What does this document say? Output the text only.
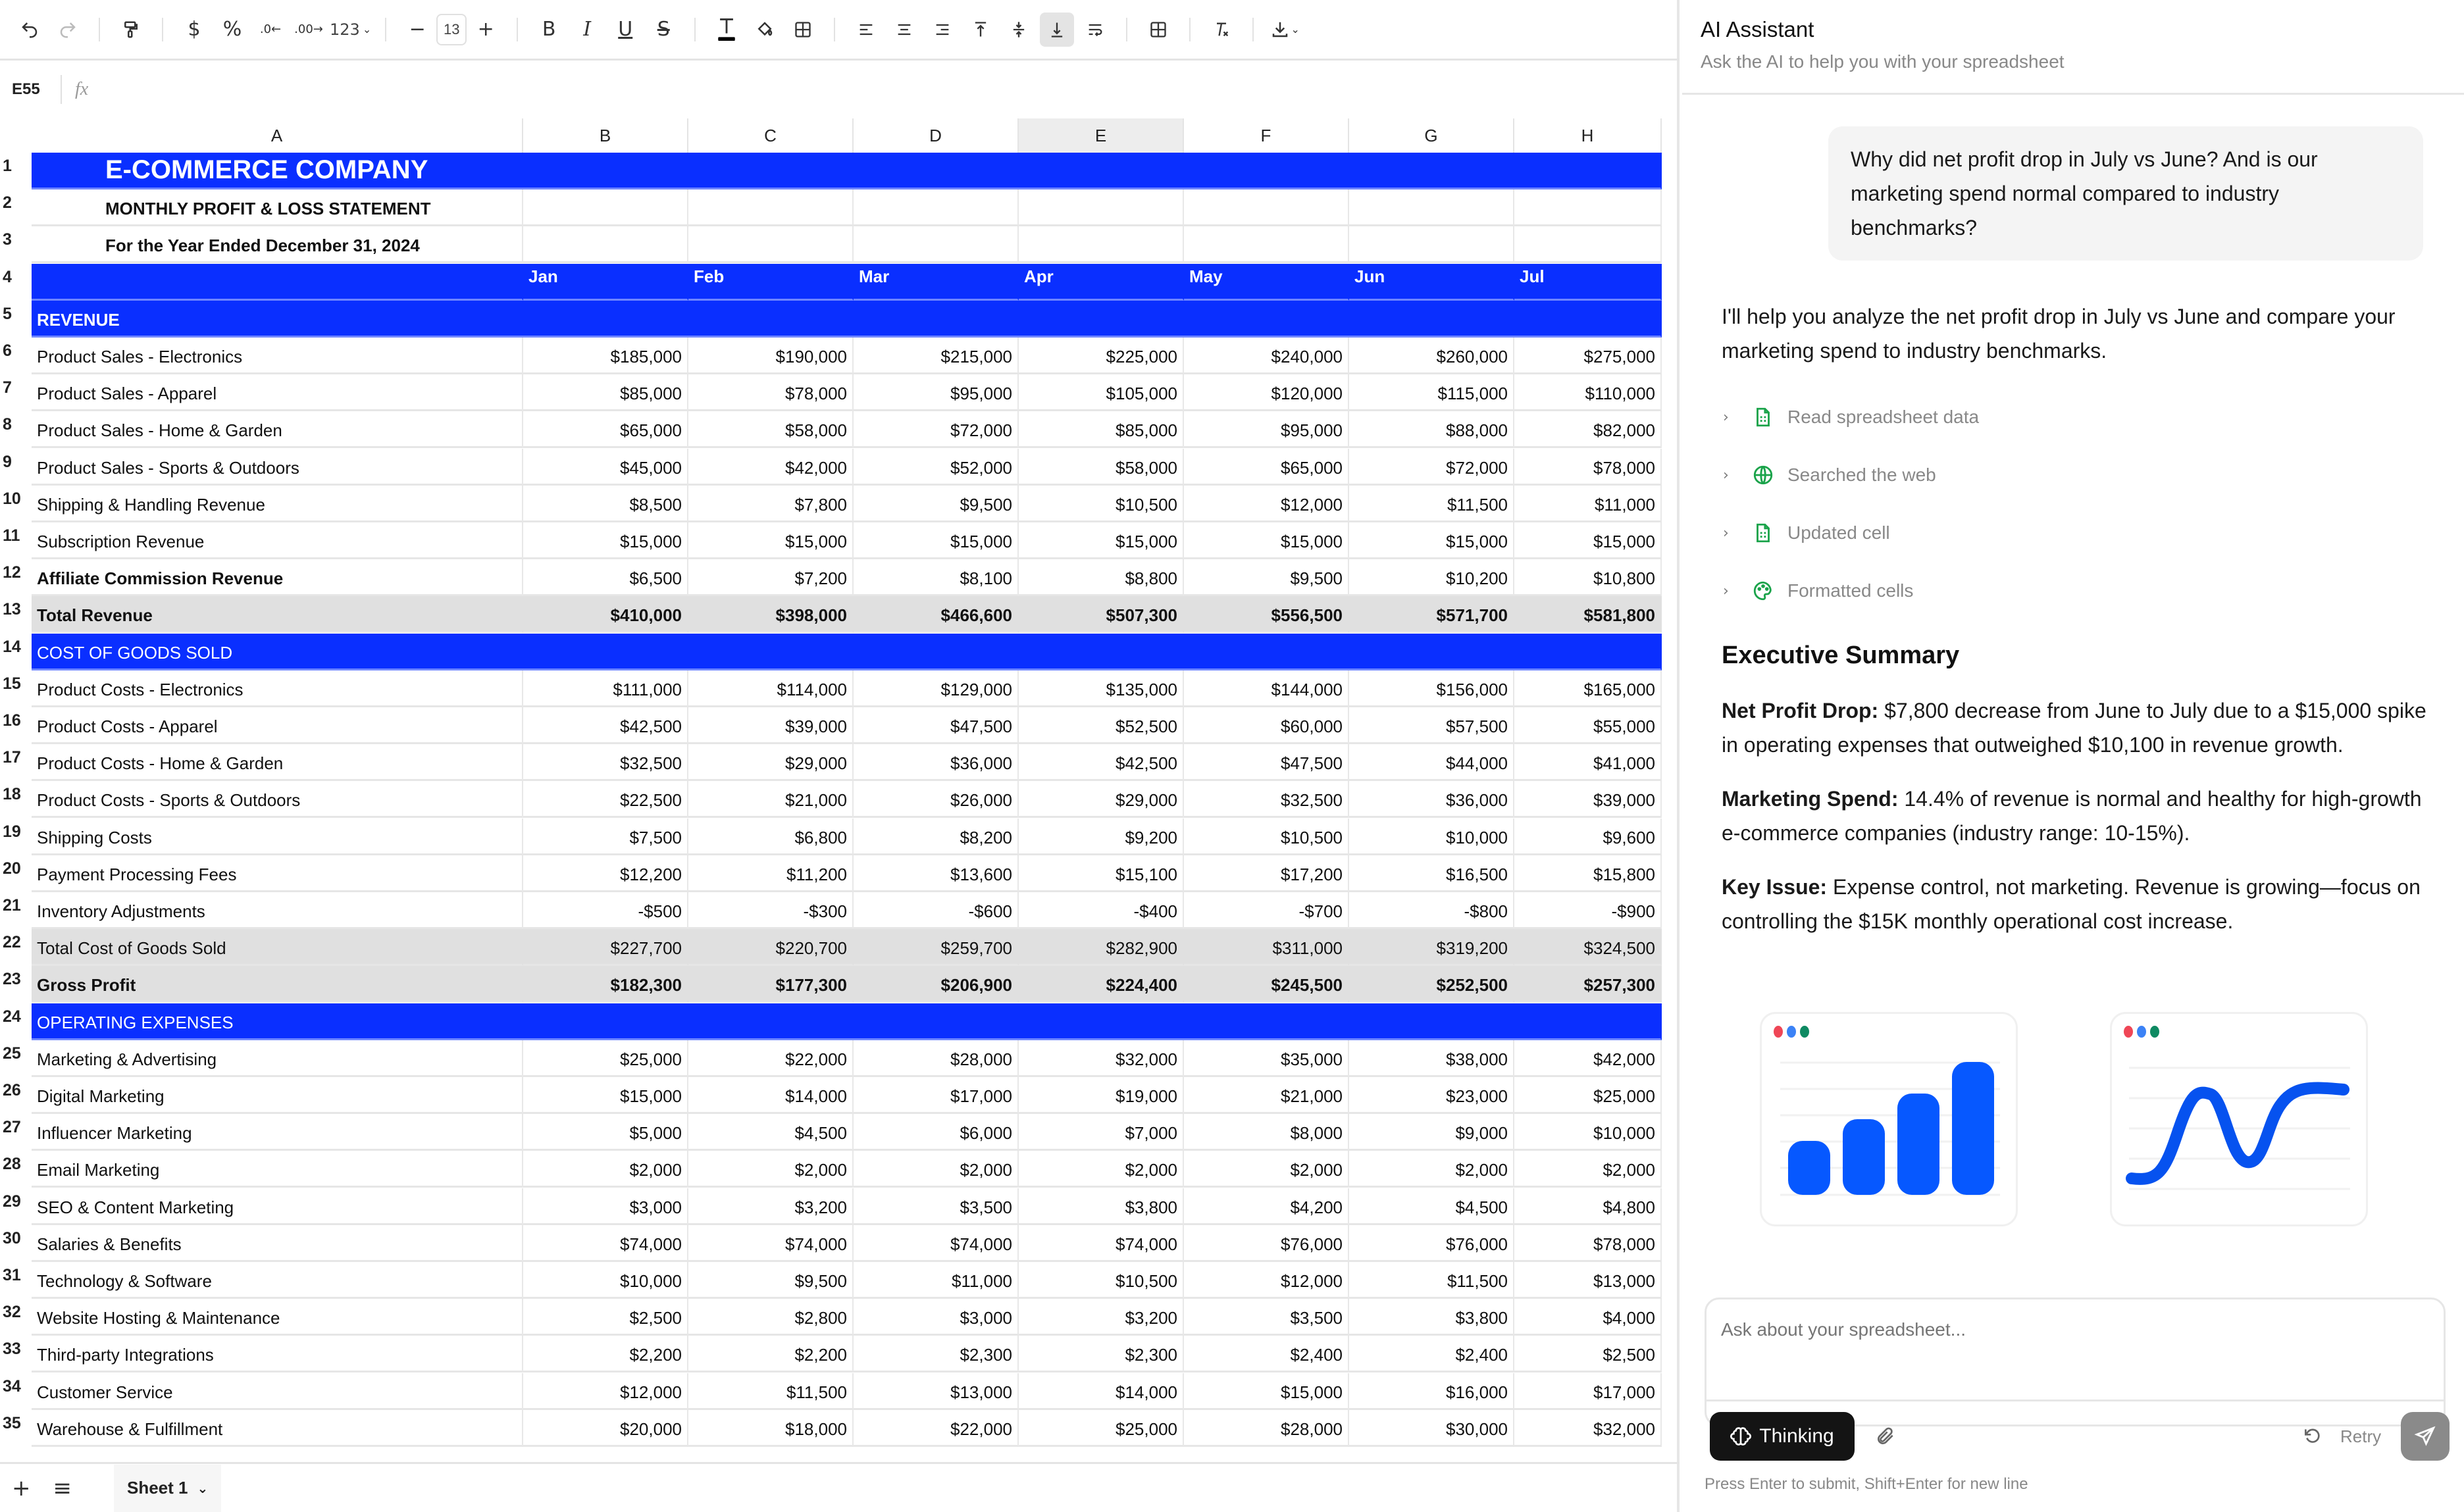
$	%	.0← .00→ 123 ⌄ −	13 +	B	I	U	S	⌄
E55	fx
A	B	C	D	E	F	G	H
1	E-COMMERCE COMPANY
2	MONTHLY PROFIT & LOSS STATEMENT
3	For the Year Ended December 31, 2024
4	Jan	Feb	Mar	Apr	May	Jun	Jul
5	REVENUE
6	Product Sales - Electronics	$185,000	$190,000	$215,000	$225,000	$240,000	$260,000	$275,000
7	Product Sales - Apparel	$85,000	$78,000	$95,000	$105,000	$120,000	$115,000	$110,000
8	Product Sales - Home & Garden	$65,000	$58,000	$72,000	$85,000	$95,000	$88,000	$82,000
9	Product Sales - Sports & Outdoors	$45,000	$42,000	$52,000	$58,000	$65,000	$72,000	$78,000
10 Shipping & Handling Revenue	$8,500	$7,800	$9,500	$10,500	$12,000	$11,500	$11,000
11 Subscription Revenue	$15,000	$15,000	$15,000	$15,000	$15,000	$15,000	$15,000
12 Affiliate Commission Revenue	$6,500	$7,200	$8,100	$8,800	$9,500	$10,200	$10,800
13 Total Revenue	$410,000	$398,000	$466,600	$507,300	$556,500	$571,700	$581,800
14 COST OF GOODS SOLD
15 Product Costs - Electronics	$111,000	$114,000	$129,000	$135,000	$144,000	$156,000	$165,000
16 Product Costs - Apparel	$42,500	$39,000	$47,500	$52,500	$60,000	$57,500	$55,000
17 Product Costs - Home & Garden	$32,500	$29,000	$36,000	$42,500	$47,500	$44,000	$41,000
18 Product Costs - Sports & Outdoors	$22,500	$21,000	$26,000	$29,000	$32,500	$36,000	$39,000
19 Shipping Costs	$7,500	$6,800	$8,200	$9,200	$10,500	$10,000	$9,600
20 Payment Processing Fees	$12,200	$11,200	$13,600	$15,100	$17,200	$16,500	$15,800
21 Inventory Adjustments	-$500	-$300	-$600	-$400	-$700	-$800	-$900
22 Total Cost of Goods Sold	$227,700	$220,700	$259,700	$282,900	$311,000	$319,200	$324,500
23 Gross Profit	$182,300	$177,300	$206,900	$224,400	$245,500	$252,500	$257,300
24 OPERATING EXPENSES
25 Marketing & Advertising	$25,000	$22,000	$28,000	$32,000	$35,000	$38,000	$42,000
26 Digital Marketing	$15,000	$14,000	$17,000	$19,000	$21,000	$23,000	$25,000
27 Influencer Marketing	$5,000	$4,500	$6,000	$7,000	$8,000	$9,000	$10,000
28 Email Marketing	$2,000	$2,000	$2,000	$2,000	$2,000	$2,000	$2,000
29 SEO & Content Marketing	$3,000	$3,200	$3,500	$3,800	$4,200	$4,500	$4,800
30 Salaries & Benefits	$74,000	$74,000	$74,000	$74,000	$76,000	$76,000	$78,000
31 Technology & Software	$10,000	$9,500	$11,000	$10,500	$12,000	$11,500	$13,000
32 Website Hosting & Maintenance	$2,500	$2,800	$3,000	$3,200	$3,500	$3,800	$4,000
33 Third-party Integrations	$2,200	$2,200	$2,300	$2,300	$2,400	$2,400	$2,500
34 Customer Service	$12,000	$11,500	$13,000	$14,000	$15,000	$16,000	$17,000
35 Warehouse & Fulfillment	$20,000	$18,000	$22,000	$25,000	$28,000	$30,000	$32,000
+ ≡	Sheet 1 ⌄
AI Assistant
Ask the AI to help you with your spreadsheet
Why did net profit drop in July vs June? And is our marketing spend normal compared to industry benchmarks?
I'll help you analyze the net profit drop in July vs June and compare your marketing spend to industry benchmarks.
›	Read spreadsheet data
›	Searched the web
›	Updated cell
›	Formatted cells
Executive Summary

Net Profit Drop: $7,800 decrease from June to July due to a $15,000 spike in operating expenses that outweighed $10,100 in revenue growth.

Marketing Spend: 14.4% of revenue is normal and healthy for high-growth e-commerce companies (industry range: 10-15%).

Key Issue: Expense control, not marketing. Revenue is growing—focus on controlling the $15K monthly operational cost increase.

Ask about your spreadsheet...
Thinking	Retry
Press Enter to submit, Shift+Enter for new line
